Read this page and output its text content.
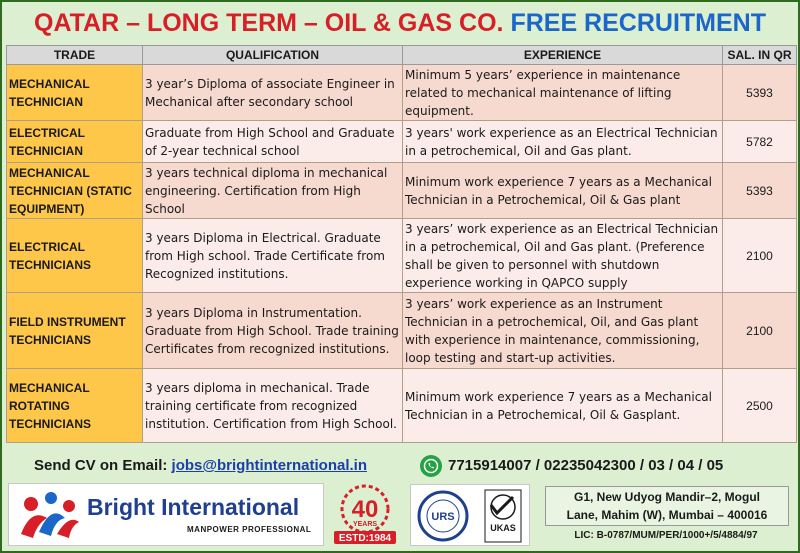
QATAR – LONG TERM – OIL & GAS CO. FREE RECRUITMENT
TRADE	QUALIFICATION	EXPERIENCE	SAL. IN QR
MECHANICAL TECHNICIAN	3 year’s Diploma of associate Engineer in Mechanical after secondary school	Minimum 5 years’ experience in maintenance related to mechanical maintenance of lifting equipment.	5393
ELECTRICAL TECHNICIAN	Graduate from High School and Graduate of 2-year technical school	3 years' work experience as an Electrical Technician in a petrochemical, Oil and Gas plant.	5782
MECHANICAL TECHNICIAN (STATIC EQUIPMENT)	3 years technical diploma in mechanical engineering. Certification from High School	Minimum work experience 7 years as a Mechanical Technician in a Petrochemical, Oil & Gas plant	5393
ELECTRICAL TECHNICIANS	3 years Diploma in Electrical. Graduate from High school. Trade Certificate from Recognized institutions.	3 years’ work experience as an Electrical Technician in a petrochemical, Oil and Gas plant. (Preference shall be given to personnel with shutdown experience working in QAPCO supply	2100
FIELD INSTRUMENT TECHNICIANS	3 years Diploma in Instrumentation. Graduate from High School. Trade training Certificates from recognized institutions.	3 years’ work experience as an Instrument Technician in a petrochemical, Oil, and Gas plant with experience in maintenance, commissioning, loop testing and start-up activities.	2100
MECHANICAL ROTATING TECHNICIANS	3 years diploma in mechanical. Trade training certificate from recognized institution. Certification from High School.	Minimum work experience 7 years as a Mechanical Technician in a Petrochemical, Oil & Gasplant.	2500
Send CV on Email: jobs@brightinternational.in	7715914007 / 02235042300 / 03 / 04 / 05
Bright International
MANPOWER PROFESSIONAL
40
YEARS
ESTD:1984
URS
UKAS
G1, New Udyog Mandir–2, Mogul
Lane, Mahim (W), Mumbai – 400016
LIC: B-0787/MUM/PER/1000+/5/4884/97
